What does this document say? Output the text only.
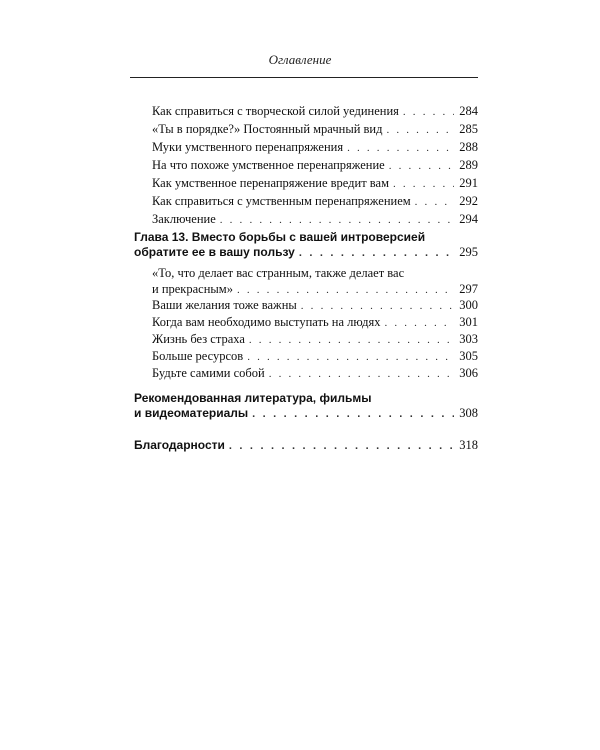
Оглавление
Как справиться с творческой силой уединения . . .	284
«Ты в порядке?» Постоянный мрачный вид . . .	285
Муки умственного перенапряжения . . .	288
На что похоже умственное перенапряжение . . .	289
Как умственное перенапряжение вредит вам . . .	291
Как справиться с умственным перенапряжением . . .	292
Заключение . . .	294
Глава 13. Вместо борьбы с вашей интроверсией
обратите ее в вашу пользу . . .	295
«То, что делает вас странным, также делает вас
и прекрасным» . . .	297
Ваши желания тоже важны . . .	300
Когда вам необходимо выступать на людях . . .	301
Жизнь без страха . . .	303
Больше ресурсов . . .	305
Будьте самими собой . . .	306
Рекомендованная литература, фильмы
и видеоматериалы . . .	308
Благодарности . . .	318
